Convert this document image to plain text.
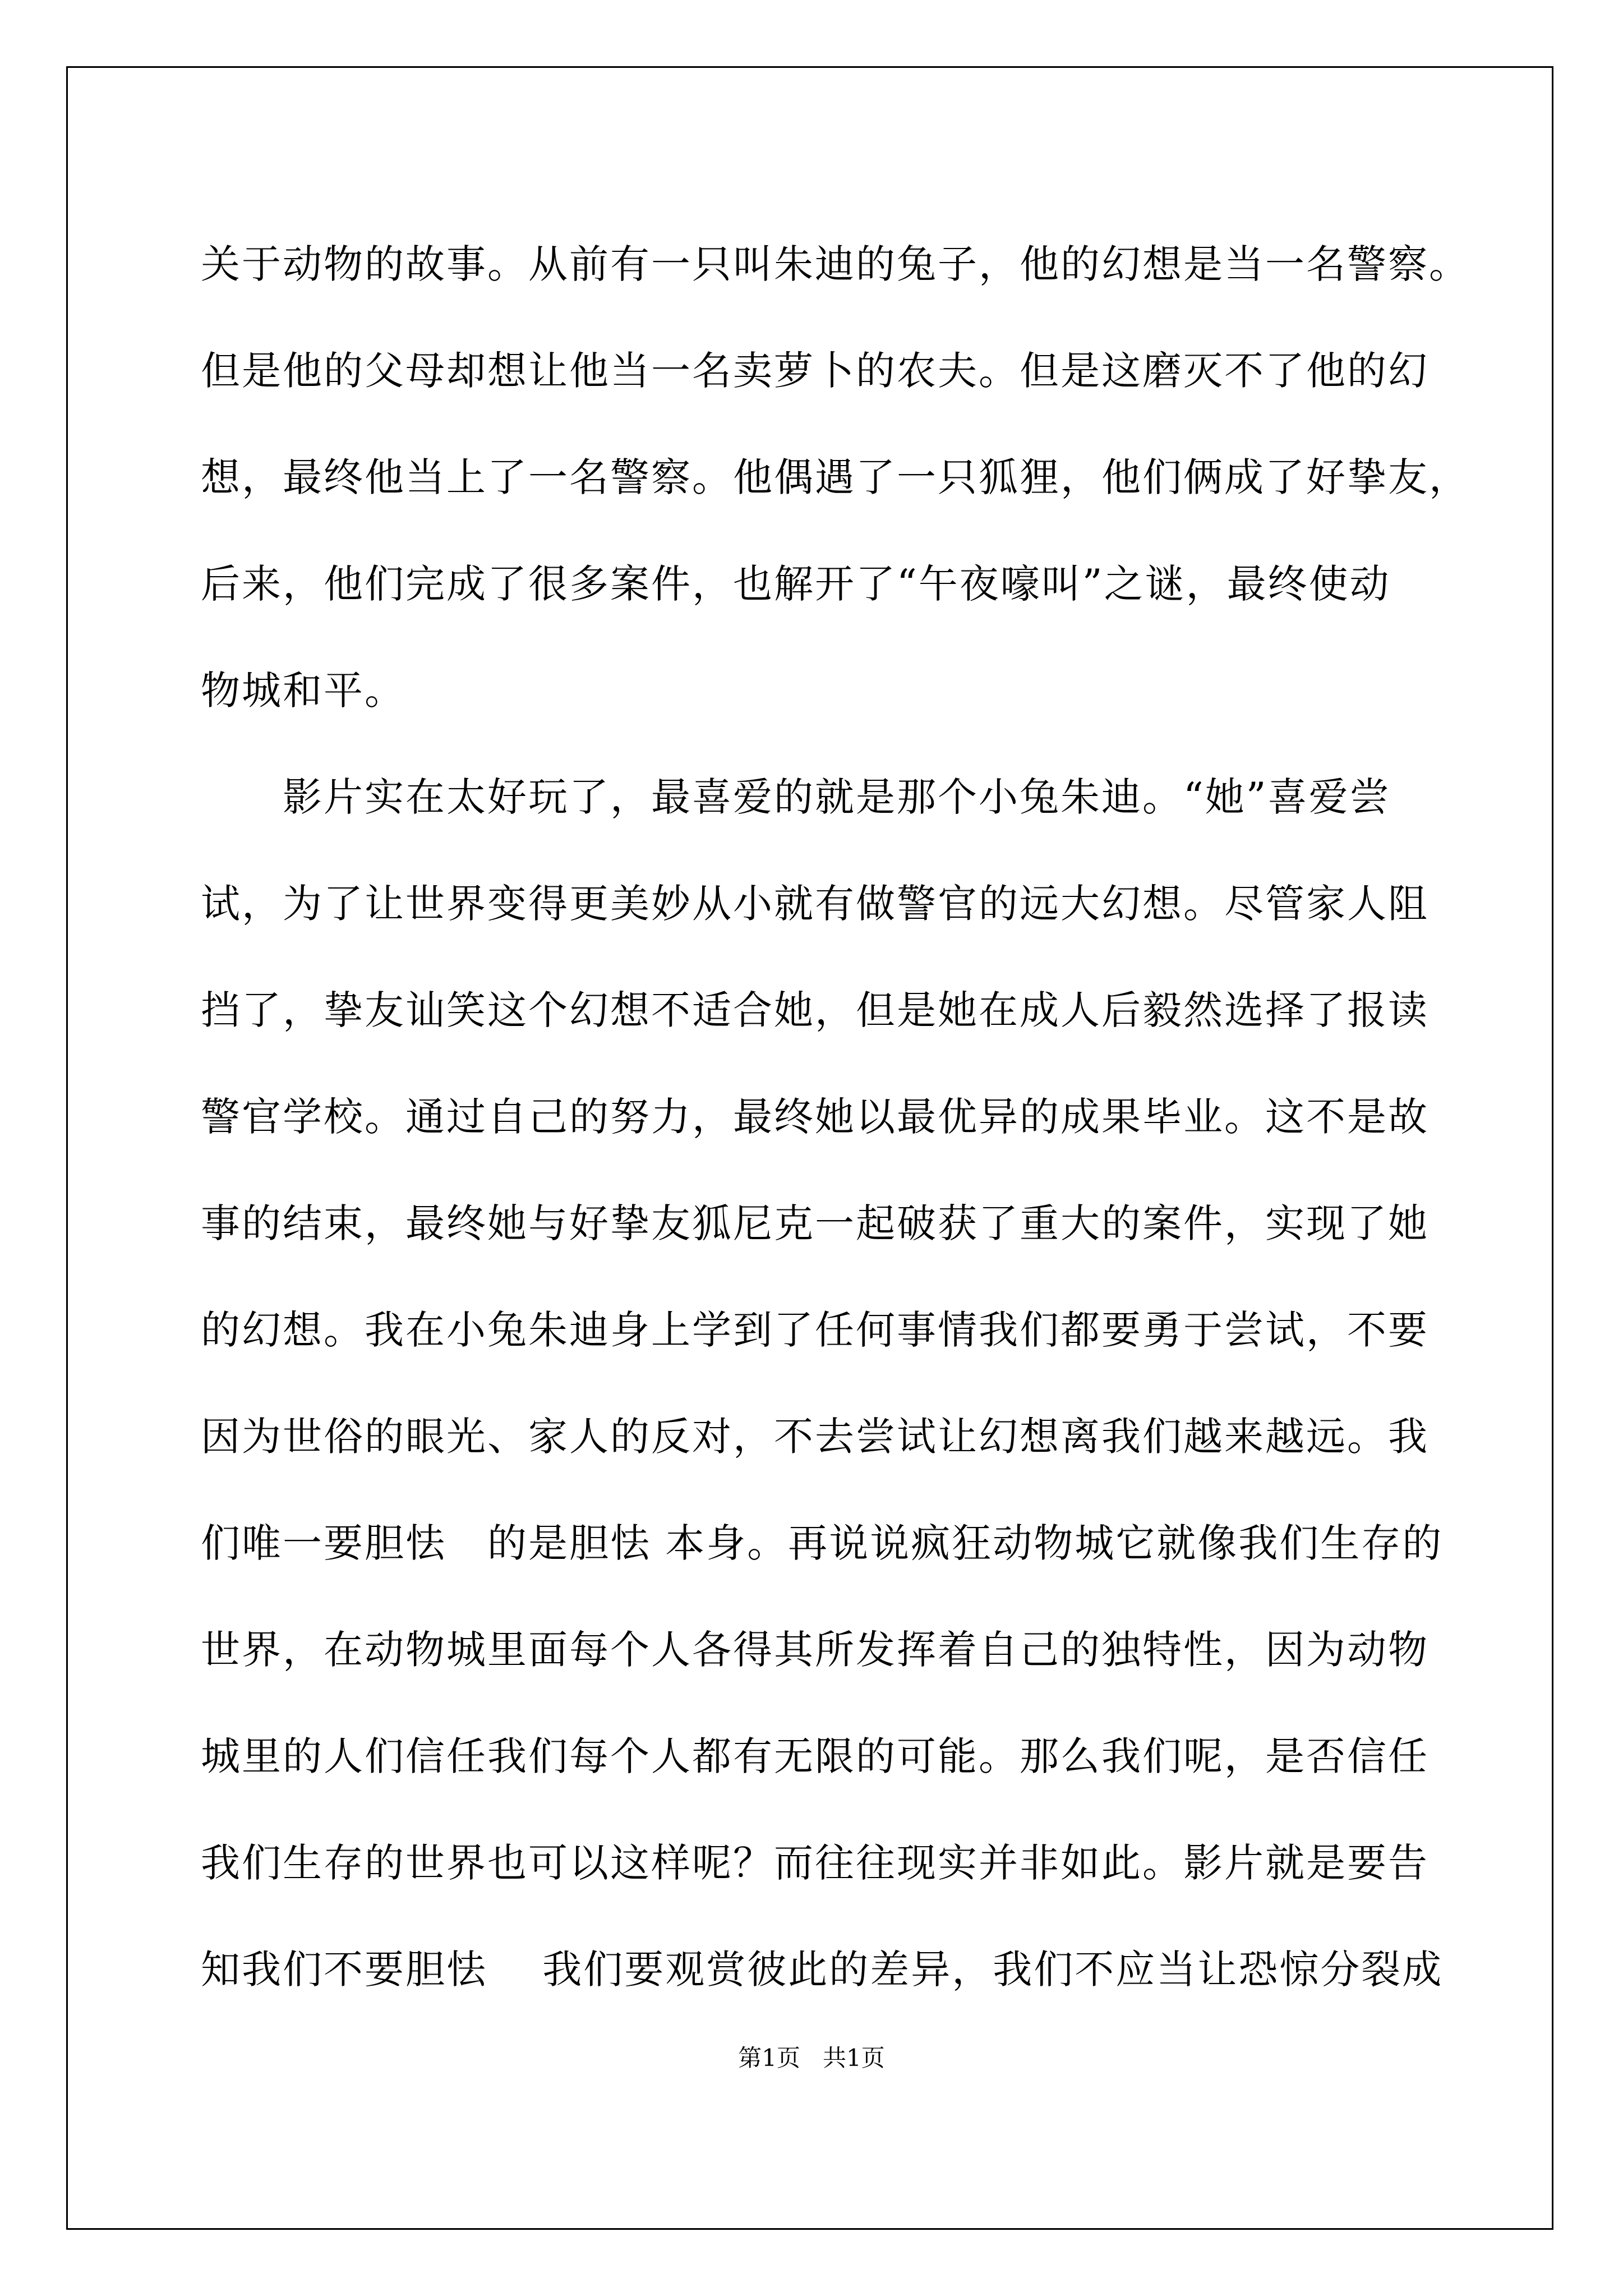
关于动物的故事。从前有一只叫朱迪的兔子，他的幻想是当一名警察。
但是他的父母却想让他当一名卖萝卜的农夫。但是这磨灭不了他的幻
想，最终他当上了一名警察。他偶遇了一只狐狸，他们俩成了好挚友，
后来，他们完成了很多案件，也解开了“午夜嚎叫”之谜，最终使动
物城和平。
　　影片实在太好玩了，最喜爱的就是那个小兔朱迪。“她”喜爱尝
试，为了让世界变得更美妙从小就有做警官的远大幻想。尽管家人阻
挡了，挚友讪笑这个幻想不适合她，但是她在成人后毅然选择了报读
警官学校。通过自己的努力，最终她以最优异的成果毕业。这不是故
事的结束，最终她与好挚友狐尼克一起破获了重大的案件，实现了她
的幻想。我在小兔朱迪身上学到了任何事情我们都要勇于尝试，不要
因为世俗的眼光、家人的反对，不去尝试让幻想离我们越来越远。我
们唯一要胆怯　的是胆怯 本身。再说说疯狂动物城它就像我们生存的
世界，在动物城里面每个人各得其所发挥着自己的独特性，因为动物
城里的人们信任我们每个人都有无限的可能。那么我们呢，是否信任
我们生存的世界也可以这样呢？而往往现实并非如此。影片就是要告
知我们不要胆怯　 我们要观赏彼此的差异，我们不应当让恐惊分裂成
第1页   共1页
